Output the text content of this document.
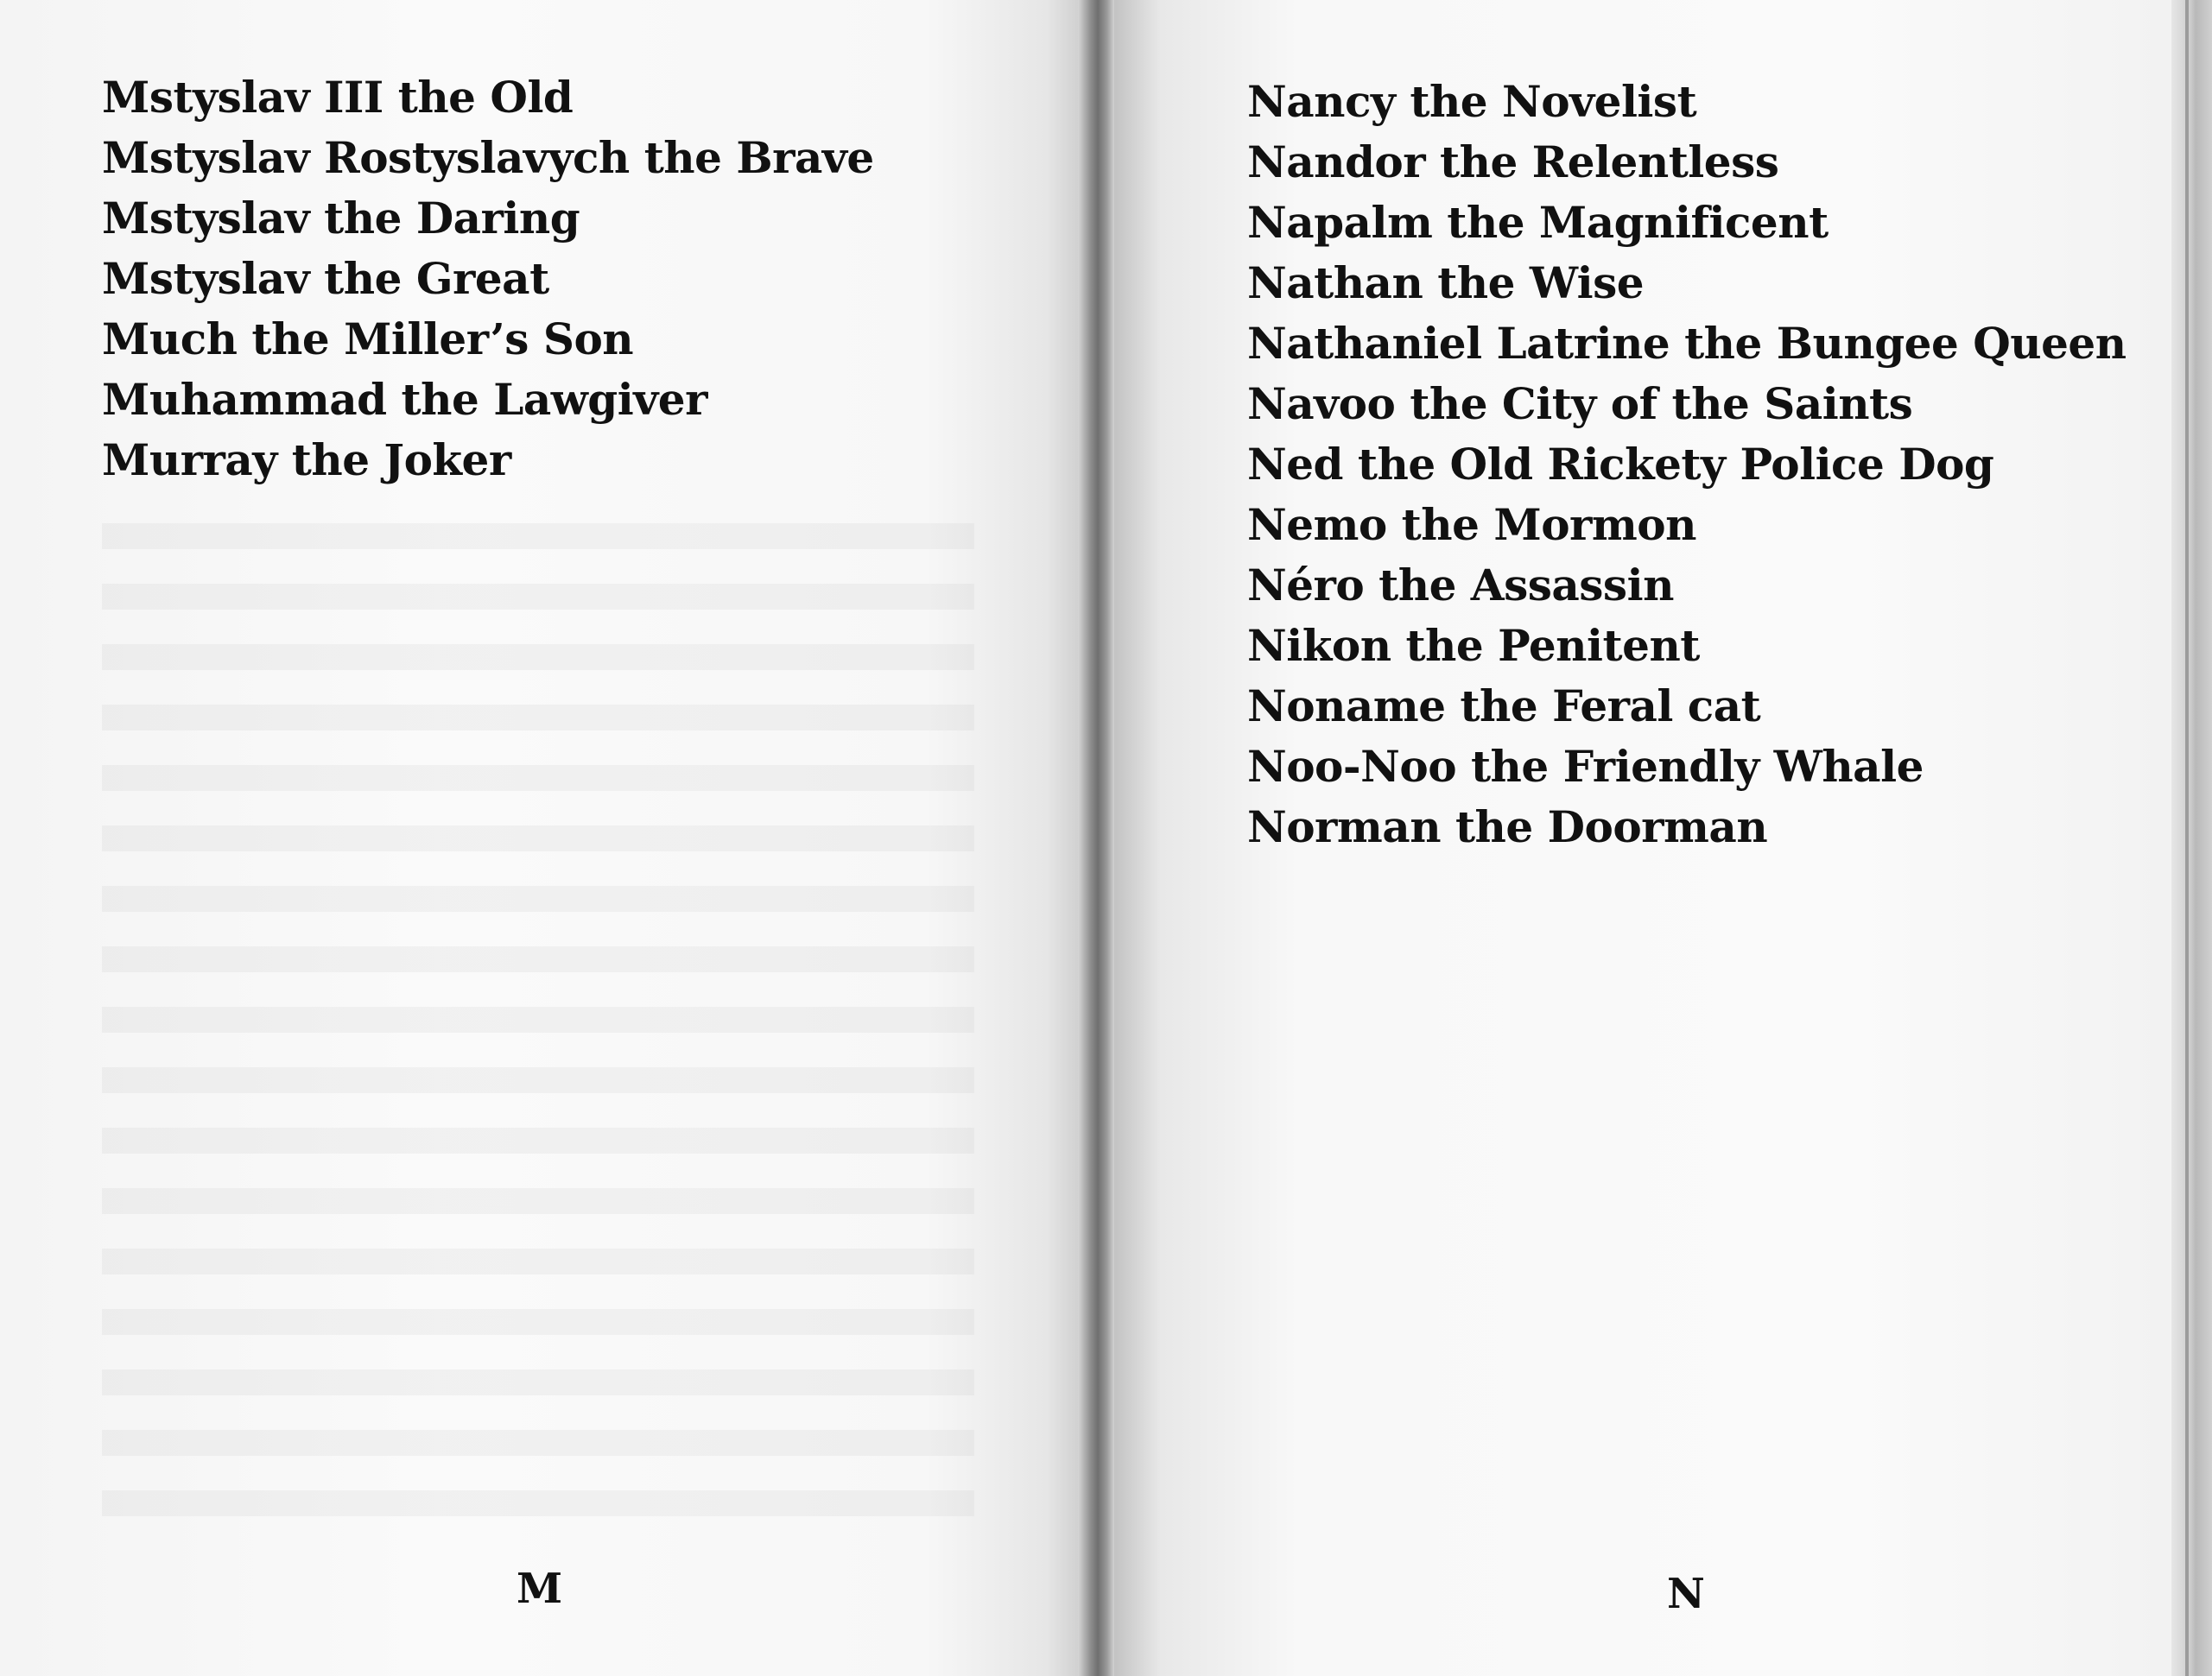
Mstyslav III the Old
Mstyslav Rostyslavych the Brave
Mstyslav the Daring
Mstyslav the Great
Much the Miller’s Son
Muhammad the Lawgiver
Murray the Joker
M
Nancy the Novelist
Nandor the Relentless
Napalm the Magnificent
Nathan the Wise
Nathaniel Latrine the Bungee Queen
Navoo the City of the Saints
Ned the Old Rickety Police Dog
Nemo the Mormon
Néro the Assassin
Nikon the Penitent
Noname the Feral cat
Noo-Noo the Friendly Whale
Norman the Doorman
N
